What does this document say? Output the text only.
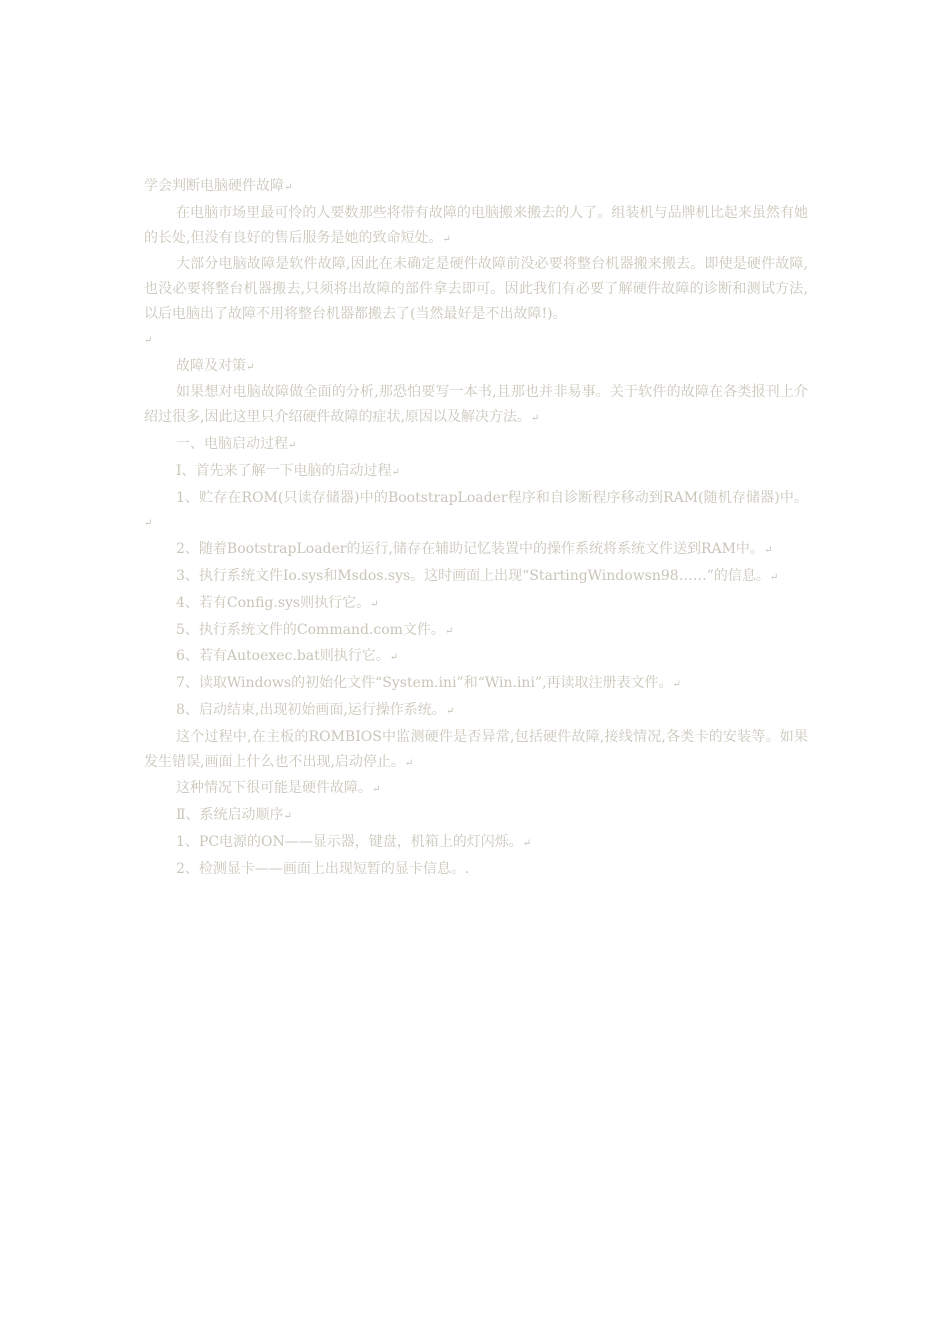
学会判断电脑硬件故障↵

在电脑市场里最可怜的人要数那些将带有故障的电脑搬来搬去的人了。组装机与品牌机比起来虽然有她的长处,但没有良好的售后服务是她的致命短处。↵

大部分电脑故障是软件故障,因此在未确定是硬件故障前没必要将整台机器搬来搬去。即使是硬件故障,也没必要将整台机器搬去,只须将出故障的部件拿去即可。因此我们有必要了解硬件故障的诊断和测试方法,以后电脑出了故障不用将整台机器都搬去了(当然最好是不出故障!)。

↵

故障及对策↵

如果想对电脑故障做全面的分析,那恐怕要写一本书,且那也并非易事。关于软件的故障在各类报刊上介绍过很多,因此这里只介绍硬件故障的症状,原因以及解决方法。↵

一、电脑启动过程↵

Ⅰ、首先来了解一下电脑的启动过程↵

1、贮存在ROM(只读存储器)中的BootstrapLoader程序和自诊断程序移动到RAM(随机存储器)中。↵

2、随着BootstrapLoader的运行,储存在辅助记忆装置中的操作系统将系统文件送到RAM中。↵

3、执行系统文件Io.sys和Msdos.sys。这时画面上出现“StartingWindowsn98……”的信息。↵

4、若有Config.sys则执行它。↵

5、执行系统文件的Command.com文件。↵

6、若有Autoexec.bat则执行它。↵

7、读取Windows的初始化文件“System.ini”和“Win.ini”,再读取注册表文件。↵

8、启动结束,出现初始画面,运行操作系统。↵

这个过程中,在主板的ROMBIOS中监测硬件是否异常,包括硬件故障,接线情况,各类卡的安装等。如果发生错误,画面上什么也不出现,启动停止。↵

这种情况下很可能是硬件故障。↵

Ⅱ、系统启动顺序↵

1、PC电源的ON——显示器，键盘，机箱上的灯闪烁。↵

2、检测显卡——画面上出现短暂的显卡信息。.
